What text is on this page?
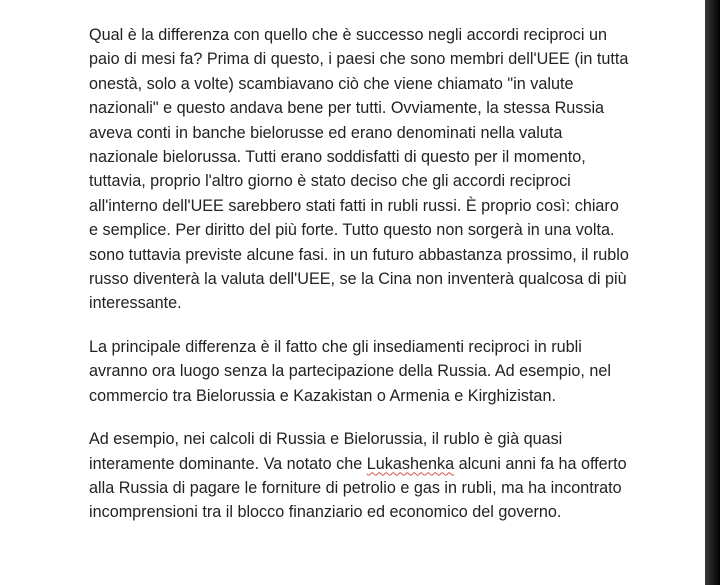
Qual è la differenza con quello che è successo negli accordi reciproci un
paio di mesi fa? Prima di questo, i paesi che sono membri dell'UEE (in tutta
onestà, solo a volte) scambiavano ciò che viene chiamato "in valute
nazionali" e questo andava bene per tutti. Ovviamente, la stessa Russia
aveva conti in banche bielorusse ed erano denominati nella valuta
nazionale bielorussa. Tutti erano soddisfatti di questo per il momento,
tuttavia, proprio l'altro giorno è stato deciso che gli accordi reciproci
all'interno dell'UEE sarebbero stati fatti in rubli russi. È proprio così: chiaro
e semplice. Per diritto del più forte. Tutto questo non sorgerà in una volta.
sono tuttavia previste alcune fasi. in un futuro abbastanza prossimo, il rublo
russo diventerà la valuta dell'UEE, se la Cina non inventerà qualcosa di più
interessante.

La principale differenza è il fatto che gli insediamenti reciproci in rubli
avranno ora luogo senza la partecipazione della Russia. Ad esempio, nel
commercio tra Bielorussia e Kazakistan o Armenia e Kirghizistan.

Ad esempio, nei calcoli di Russia e Bielorussia, il rublo è già quasi
interamente dominante. Va notato che Lukashenka alcuni anni fa ha offerto
alla Russia di pagare le forniture di petrolio e gas in rubli, ma ha incontrato
incomprensioni tra il blocco finanziario ed economico del governo.
